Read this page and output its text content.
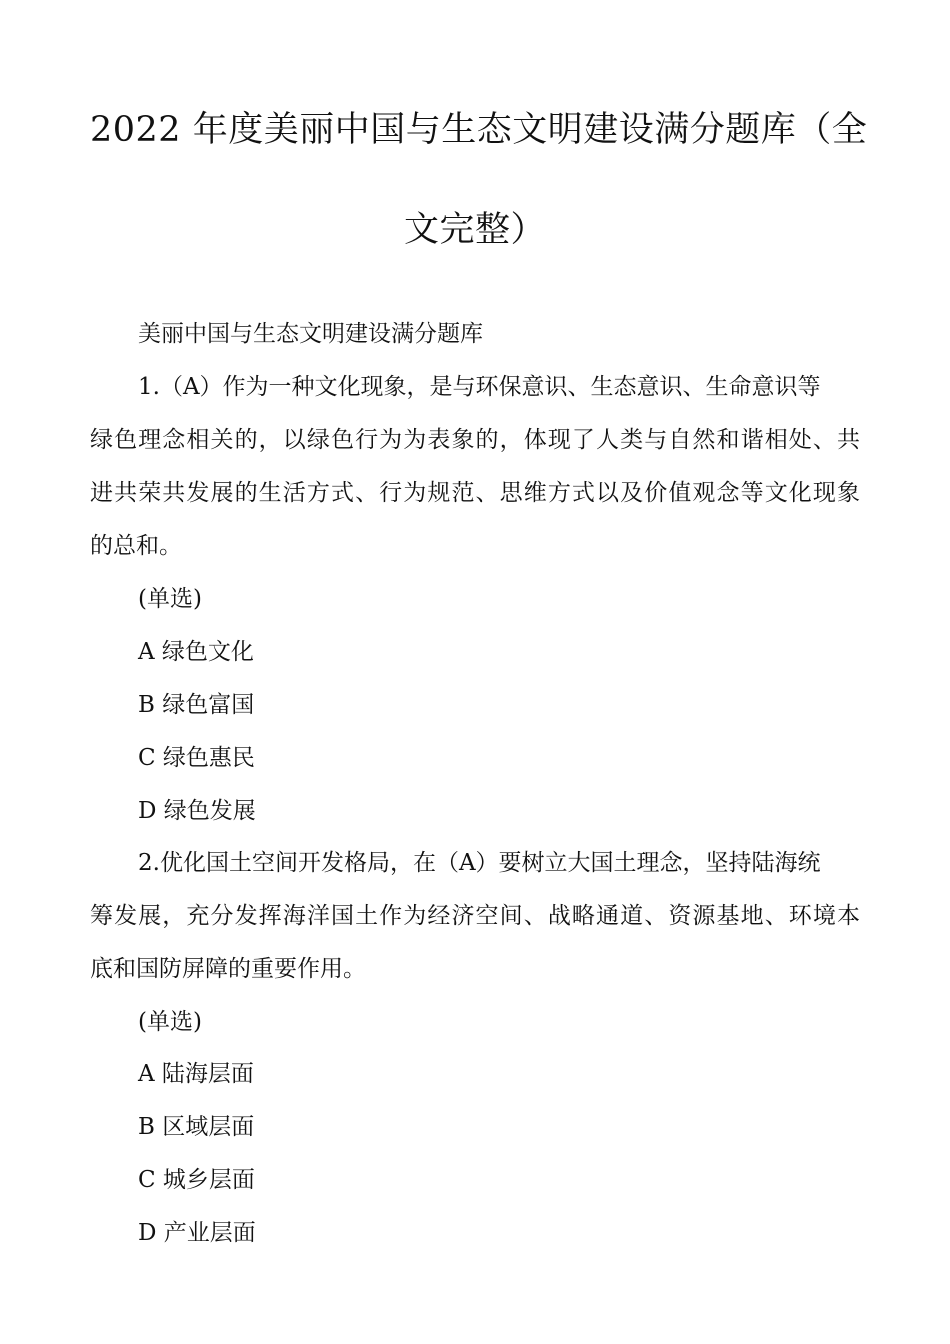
2022 年度美丽中国与生态文明建设满分题库（全
文完整）
美丽中国与生态文明建设满分题库
1.（A）作为一种文化现象，是与环保意识、生态意识、生命意识等
绿色理念相关的，以绿色行为为表象的，体现了人类与自然和谐相处、共
进共荣共发展的生活方式、行为规范、思维方式以及价值观念等文化现象
的总和。
(单选)
A 绿色文化
B 绿色富国
C 绿色惠民
D 绿色发展
2.优化国土空间开发格局，在（A）要树立大国土理念，坚持陆海统
筹发展，充分发挥海洋国土作为经济空间、战略通道、资源基地、环境本
底和国防屏障的重要作用。
(单选)
A 陆海层面
B 区域层面
C 城乡层面
D 产业层面
